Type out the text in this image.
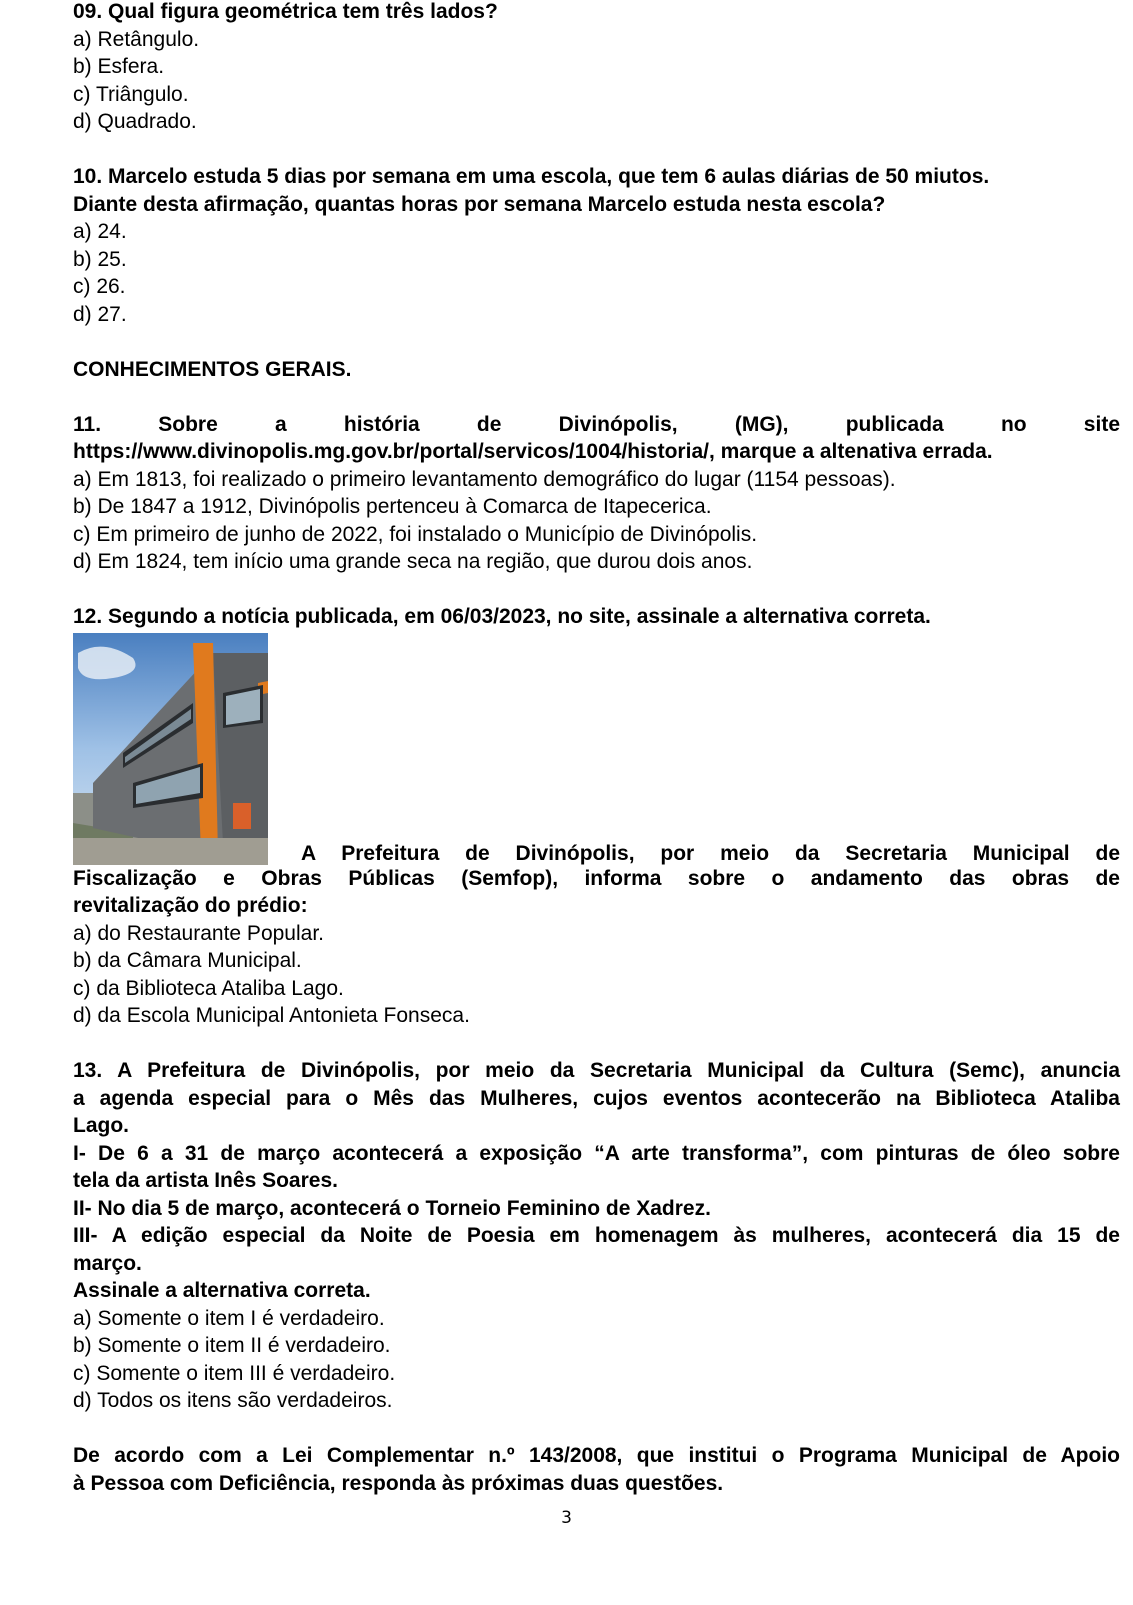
09. Qual figura geométrica tem três lados?
a) Retângulo.
b) Esfera.
c) Triângulo.
d) Quadrado.
10. Marcelo estuda 5 dias por semana em uma escola, que tem 6 aulas diárias de 50 miutos.
Diante desta afirmação, quantas horas por semana Marcelo estuda nesta escola?
a) 24.
b) 25.
c) 26.
d) 27.
CONHECIMENTOS GERAIS.
11. Sobre a história de Divinópolis, (MG), publicada no site
https://www.divinopolis.mg.gov.br/portal/servicos/1004/historia/, marque a altenativa errada.
a) Em 1813, foi realizado o primeiro levantamento demográfico do lugar (1154 pessoas).
b) De 1847 a 1912, Divinópolis pertenceu à Comarca de Itapecerica.
c) Em primeiro de junho de 2022, foi instalado o Município de Divinópolis.
d) Em 1824, tem início uma grande seca na região, que durou dois anos.
12. Segundo a notícia publicada, em 06/03/2023, no site, assinale a alternativa correta.
A Prefeitura de Divinópolis, por meio da Secretaria Municipal de
Fiscalização e Obras Públicas (Semfop), informa sobre o andamento das obras de
revitalização do prédio:
a) do Restaurante Popular.
b) da Câmara Municipal.
c) da Biblioteca Ataliba Lago.
d) da Escola Municipal Antonieta Fonseca.
13. A Prefeitura de Divinópolis, por meio da Secretaria Municipal da Cultura (Semc), anuncia
a agenda especial para o Mês das Mulheres, cujos eventos acontecerão na Biblioteca Ataliba
Lago.
I- De 6 a 31 de março acontecerá a exposição “A arte transforma”, com pinturas de óleo sobre
tela da artista Inês Soares.
II- No dia 5 de março, acontecerá o Torneio Feminino de Xadrez.
III- A edição especial da Noite de Poesia em homenagem às mulheres, acontecerá dia 15 de
março.
Assinale a alternativa correta.
a) Somente o item I é verdadeiro.
b) Somente o item II é verdadeiro.
c) Somente o item III é verdadeiro.
d) Todos os itens são verdadeiros.
De acordo com a Lei Complementar n.º 143/2008, que institui o Programa Municipal de Apoio
à Pessoa com Deficiência, responda às próximas duas questões.
3
